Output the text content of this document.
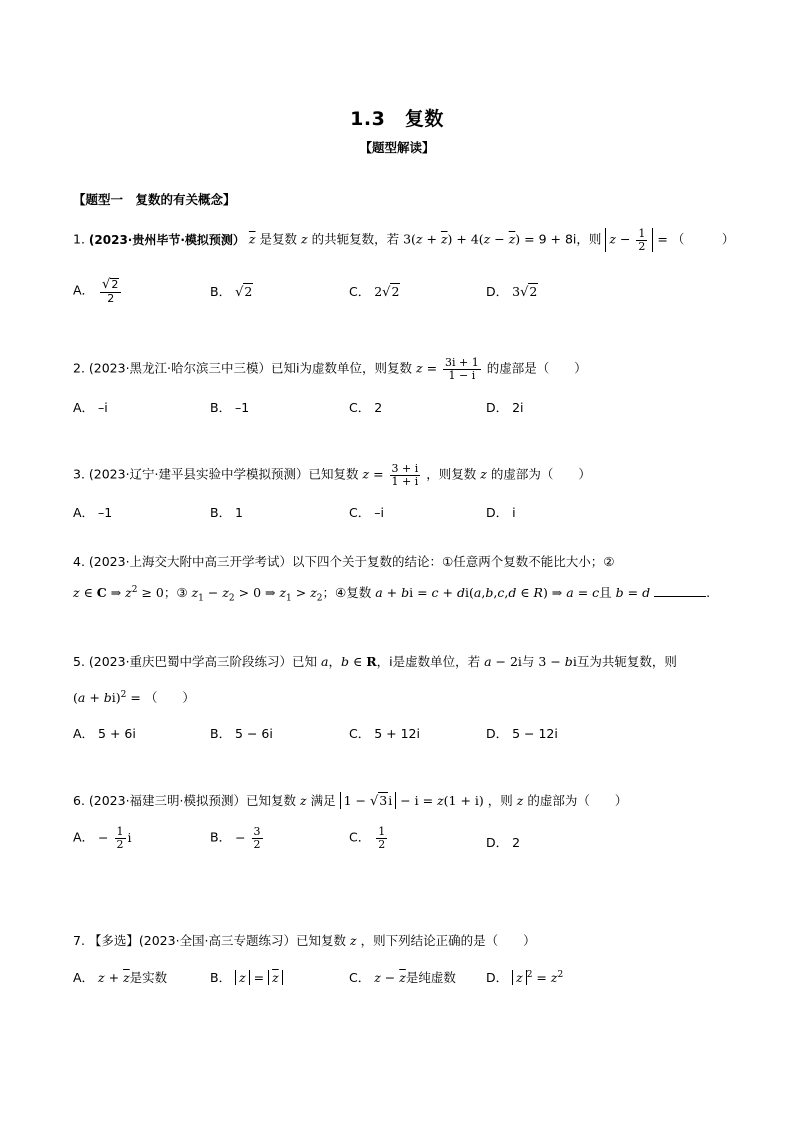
1.3　复数
【题型解读】
【题型一　复数的有关概念】
1. (2023·贵州毕节·模拟预测） $\overline{z}$ 是复数 z 的共轭复数，若 $3(z + \overline{z}) + 4(z - \overline{z}) = 9 + 8i$，则 $z - \frac{1}{2}$ = （　　　）
A． $\frac{√2}{2}$	B． √2	C． 2√2	D． 3√2
2. (2023·黑龙江·哈尔滨三中三模）已知i为虚数单位，则复数 $z = \frac{3i + 1}{1 - i}$ 的虚部是（　　）
A． –i	B． –1	C． 2	D． 2i
3. (2023·辽宁·建平县实验中学模拟预测）已知复数 $z = \frac{3 + i}{1 + i}$ ，则复数 z 的虚部为（　　）
A． –1	B． 1	C． –i	D． i
4. (2023·上海交大附中高三开学考试）以下四个关于复数的结论：①任意两个复数不能比大小；②
z ∈ C ⇒ $z^2 \ge 0$；③ $z_1 - z_2 > 0$ ⇒ $z_1 > z_2$；④复数 a + bi = c + di(a,b,c,d ∈ R) ⇒ a = c且 b = d	.
5. (2023·重庆巴蜀中学高三阶段练习）已知 a，b ∈ R，i是虚数单位，若 a − 2i与 3 − bi互为共轭复数，则
(a + bi)$^2$ = （　　）
A． 5 + 6i	B． 5 − 6i	C． 5 + 12i	D． 5 − 12i
6. (2023·福建三明·模拟预测）已知复数 z 满足 1 − √3i − i = z(1 + i) ，则 z 的虚部为（　　）
A． − $\frac{1}{2}$ i	B． − $\frac{3}{2}$	C． $\frac{1}{2}$	D． 2
7. 【多选】(2023·全国·高三专题练习）已知复数 z ，则下列结论正确的是（　　）
A． $z + \overline{z}$是实数	B． $z = \overline{z}$	C． $z - \overline{z}$是纯虚数 D． z $^2 = z^2$
